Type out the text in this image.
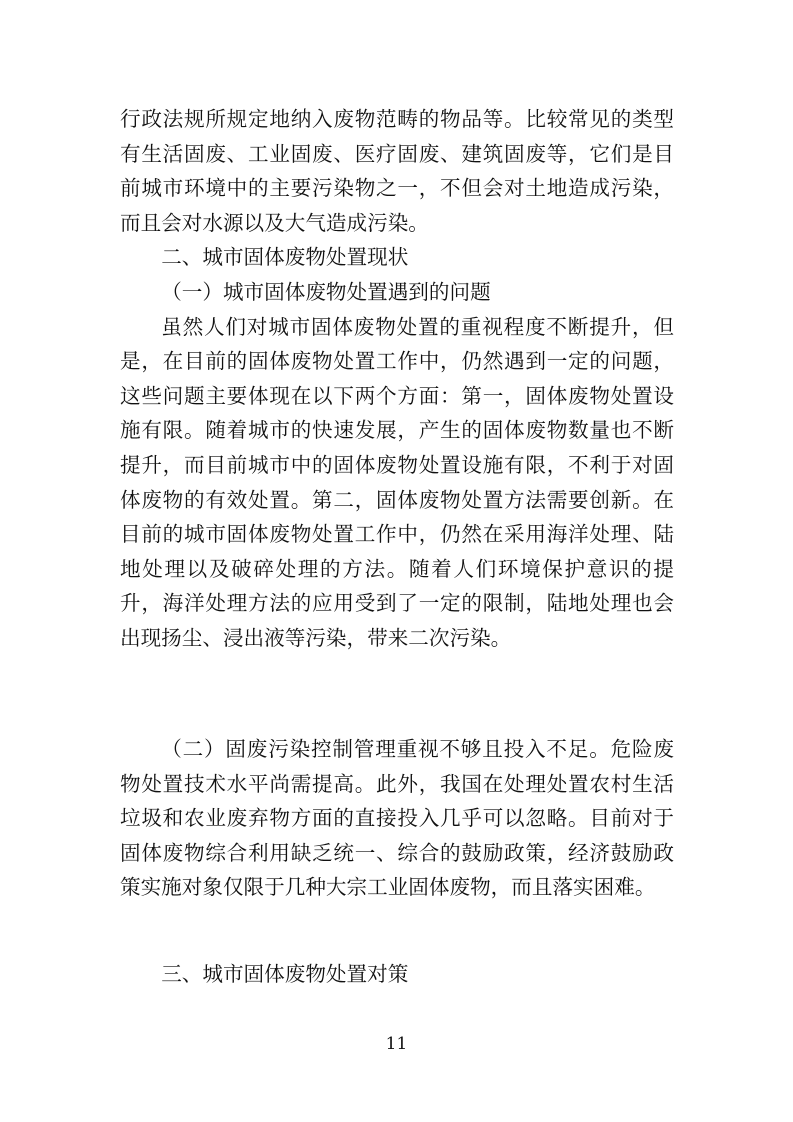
行政法规所规定地纳入废物范畴的物品等。比较常见的类型有生活固废、工业固废、医疗固废、建筑固废等，它们是目前城市环境中的主要污染物之一，不但会对土地造成污染，而且会对水源以及大气造成污染。

二、城市固体废物处置现状

（一）城市固体废物处置遇到的问题

虽然人们对城市固体废物处置的重视程度不断提升，但是，在目前的固体废物处置工作中，仍然遇到一定的问题，这些问题主要体现在以下两个方面：第一，固体废物处置设施有限。随着城市的快速发展，产生的固体废物数量也不断提升，而目前城市中的固体废物处置设施有限，不利于对固体废物的有效处置。第二，固体废物处置方法需要创新。在目前的城市固体废物处置工作中，仍然在采用海洋处理、陆地处理以及破碎处理的方法。随着人们环境保护意识的提升，海洋处理方法的应用受到了一定的限制，陆地处理也会出现扬尘、浸出液等污染，带来二次污染。

（二）固废污染控制管理重视不够且投入不足。危险废物处置技术水平尚需提高。此外，我国在处理处置农村生活垃圾和农业废弃物方面的直接投入几乎可以忽略。目前对于固体废物综合利用缺乏统一、综合的鼓励政策，经济鼓励政策实施对象仅限于几种大宗工业固体废物，而且落实困难。

三、城市固体废物处置对策

11
